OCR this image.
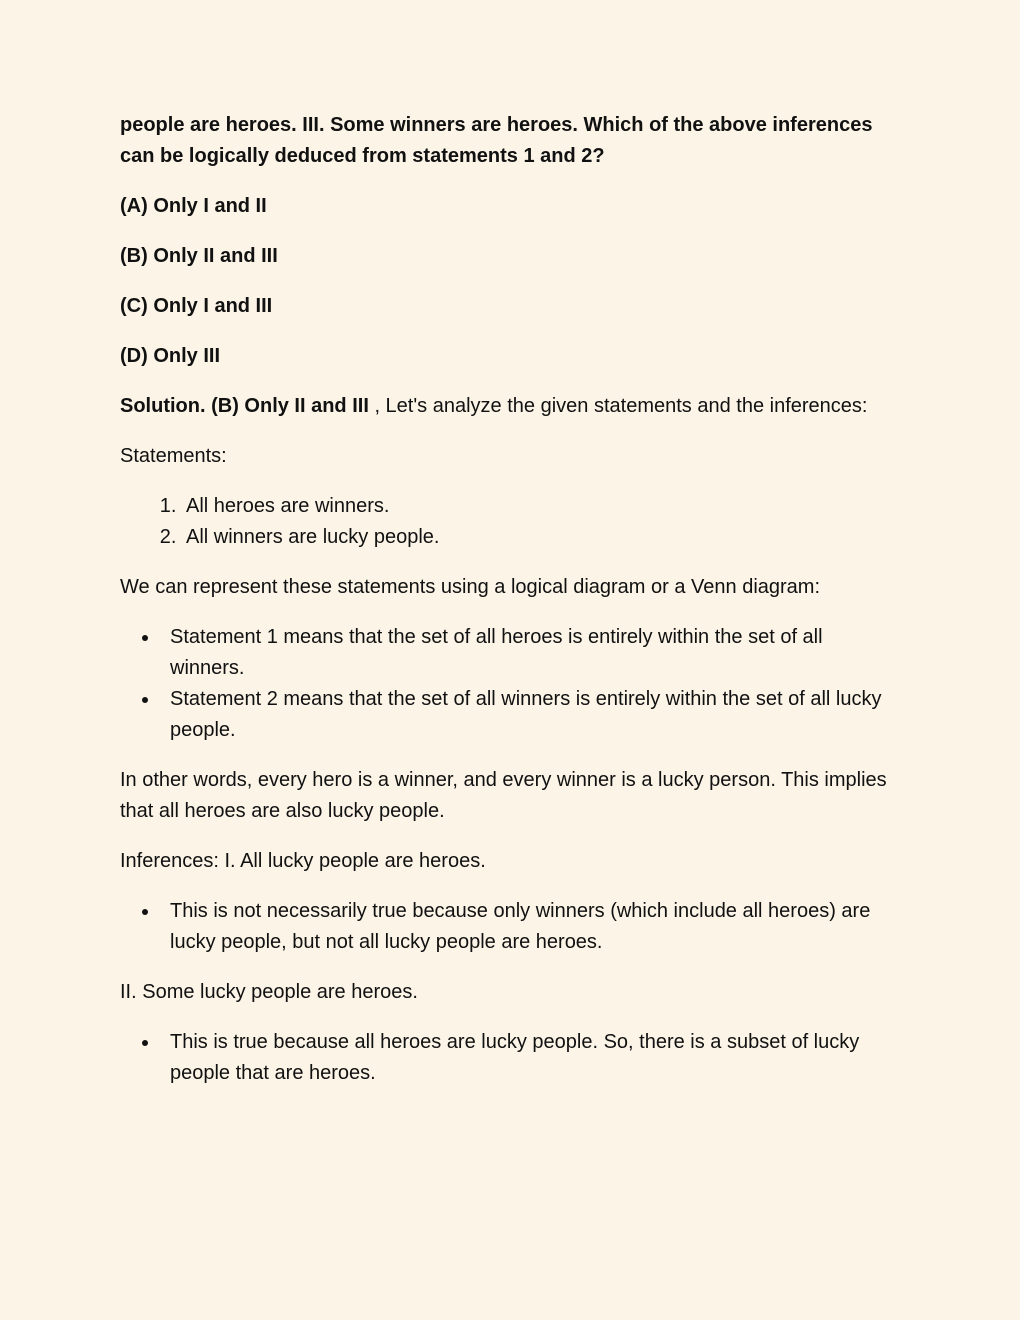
people are heroes. III. Some winners are heroes. Which of the above inferences can be logically deduced from statements 1 and 2?

(A) Only I and II

(B) Only II and III

(C) Only I and III

(D) Only III

Solution. (B) Only II and III , Let's analyze the given statements and the inferences:

Statements:

1. All heroes are winners.
2. All winners are lucky people.

We can represent these statements using a logical diagram or a Venn diagram:

• Statement 1 means that the set of all heroes is entirely within the set of all winners.
• Statement 2 means that the set of all winners is entirely within the set of all lucky people.

In other words, every hero is a winner, and every winner is a lucky person. This implies that all heroes are also lucky people.

Inferences: I. All lucky people are heroes.

• This is not necessarily true because only winners (which include all heroes) are lucky people, but not all lucky people are heroes.

II. Some lucky people are heroes.

• This is true because all heroes are lucky people. So, there is a subset of lucky people that are heroes.
